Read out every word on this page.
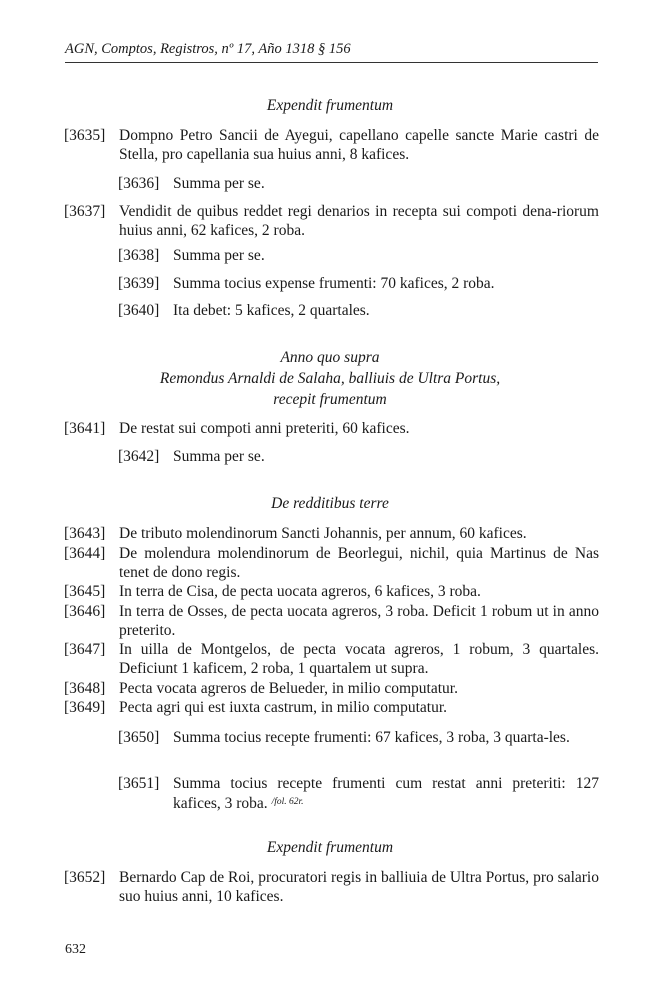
AGN, Comptos, Registros, nº 17, Año 1318 § 156
Expendit frumentum
[3635] Dompno Petro Sancii de Ayegui, capellano capelle sancte Marie castri de Stella, pro capellania sua huius anni, 8 kafices.
[3636] Summa per se.
[3637] Vendidit de quibus reddet regi denarios in recepta sui compoti dena-riorum huius anni, 62 kafices, 2 roba.
[3638] Summa per se.
[3639] Summa tocius expense frumenti: 70 kafices, 2 roba.
[3640] Ita debet: 5 kafices, 2 quartales.
Anno quo supra
Remondus Arnaldi de Salaha, balliuis de Ultra Portus,
recepit frumentum
[3641] De restat sui compoti anni preteriti, 60 kafices.
[3642] Summa per se.
De redditibus terre
[3643] De tributo molendinorum Sancti Johannis, per annum, 60 kafices.
[3644] De molendura molendinorum de Beorlegui, nichil, quia Martinus de Nas tenet de dono regis.
[3645] In terra de Cisa, de pecta uocata agreros, 6 kafices, 3 roba.
[3646] In terra de Osses, de pecta uocata agreros, 3 roba. Deficit 1 robum ut in anno preterito.
[3647] In uilla de Montgelos, de pecta vocata agreros, 1 robum, 3 quartales. Deficiunt 1 kaficem, 2 roba, 1 quartalem ut supra.
[3648] Pecta vocata agreros de Belueder, in milio computatur.
[3649] Pecta agri qui est iuxta castrum, in milio computatur.
[3650] Summa tocius recepte frumenti: 67 kafices, 3 roba, 3 quarta-les.
[3651] Summa tocius recepte frumenti cum restat anni preteriti: 127 kafices, 3 roba. $^{/fol. 62r.}$
Expendit frumentum
[3652] Bernardo Cap de Roi, procuratori regis in balliuia de Ultra Portus, pro salario suo huius anni, 10 kafices.
632
